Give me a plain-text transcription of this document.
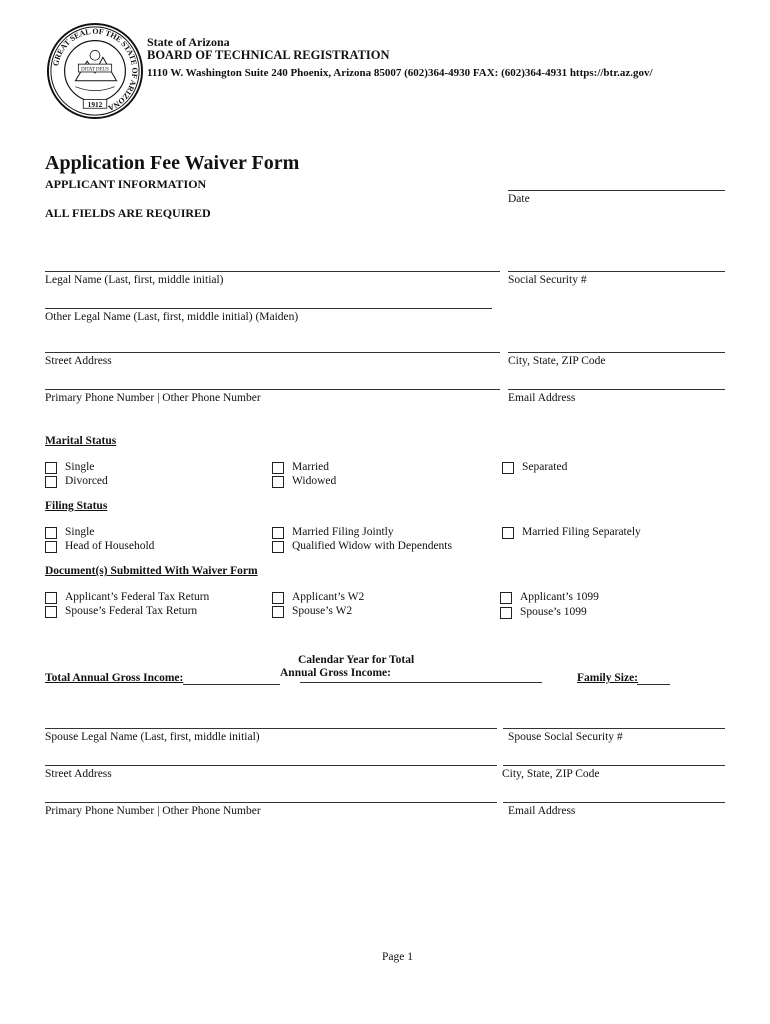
GREAT SEAL OF THE STATE OF ARIZONA
DITAT DEUS
1912
State of Arizona
BOARD OF TECHNICAL REGISTRATION
1110 W. Washington Suite 240 Phoenix, Arizona 85007 (602)364-4930 FAX: (602)364-4931 https://btr.az.gov/
Application Fee Waiver Form
APPLICANT INFORMATION
ALL FIELDS ARE REQUIRED
Date
Legal Name (Last, first, middle initial)	Social Security #
Other Legal Name (Last, first, middle initial) (Maiden)
Street Address	City, State, ZIP Code
Primary Phone Number | Other Phone Number	Email Address
Marital Status
Single
Divorced
Married
Widowed
Separated
Filing Status
Single
Head of Household
Married Filing Jointly
Qualified Widow with Dependents
Married Filing Separately
Document(s) Submitted With Waiver Form
Applicant’s Federal Tax Return
Spouse’s Federal Tax Return
Applicant’s W2
Spouse’s W2
Applicant’s 1099
Spouse’s 1099
Total Annual Gross Income:
Calendar Year for Total
Annual Gross Income:	Family Size:
Spouse Legal Name (Last, first, middle initial)	Spouse Social Security #
Street Address	City, State, ZIP Code
Primary Phone Number | Other Phone Number	Email Address
Page 1
